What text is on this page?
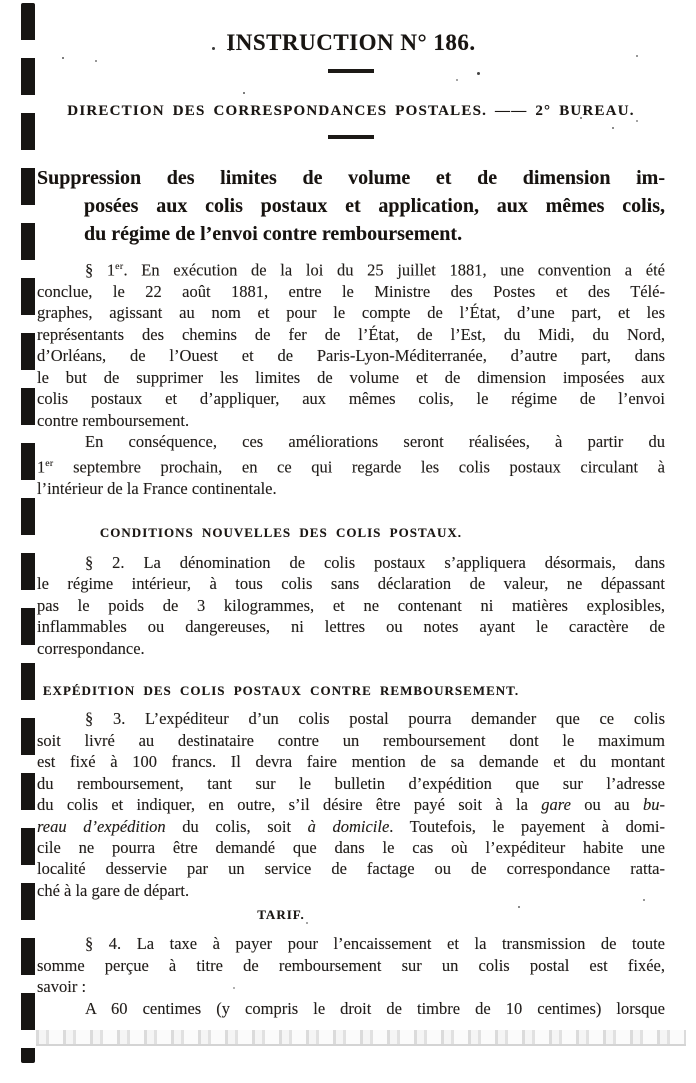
INSTRUCTION N° 186.
DIRECTION DES CORRESPONDANCES POSTALES. —— 2° BUREAU.
Suppression des limites de volume et de dimension im-
posées aux colis postaux et application, aux mêmes colis,
du régime de l’envoi contre remboursement.
§ 1er. En exécution de la loi du 25 juillet 1881, une convention a été
conclue, le 22 août 1881, entre le Ministre des Postes et des Télé-
graphes, agissant au nom et pour le compte de l’État, d’une part, et les
représentants des chemins de fer de l’État, de l’Est, du Midi, du Nord,
d’Orléans, de l’Ouest et de Paris-Lyon-Méditerranée, d’autre part, dans
le but de supprimer les limites de volume et de dimension imposées aux
colis postaux et d’appliquer, aux mêmes colis, le régime de l’envoi
contre remboursement.
En conséquence, ces améliorations seront réalisées, à partir du
1er septembre prochain, en ce qui regarde les colis postaux circulant à
l’intérieur de la France continentale.
CONDITIONS NOUVELLES DES COLIS POSTAUX.
§ 2. La dénomination de colis postaux s’appliquera désormais, dans
le régime intérieur, à tous colis sans déclaration de valeur, ne dépassant
pas le poids de 3 kilogrammes, et ne contenant ni matières explosibles,
inflammables ou dangereuses, ni lettres ou notes ayant le caractère de
correspondance.
EXPÉDITION DES COLIS POSTAUX CONTRE REMBOURSEMENT.
§ 3. L’expéditeur d’un colis postal pourra demander que ce colis
soit livré au destinataire contre un remboursement dont le maximum
est fixé à 100 francs. Il devra faire mention de sa demande et du montant
du remboursement, tant sur le bulletin d’expédition que sur l’adresse
du colis et indiquer, en outre, s’il désire être payé soit à la gare ou au bu-
reau d’expédition du colis, soit à domicile. Toutefois, le payement à domi-
cile ne pourra être demandé que dans le cas où l’expéditeur habite une
localité desservie par un service de factage ou de correspondance ratta-
ché à la gare de départ.
TARIF.
§ 4. La taxe à payer pour l’encaissement et la transmission de toute
somme perçue à titre de remboursement sur un colis postal est fixée,
savoir :
A 60 centimes (y compris le droit de timbre de 10 centimes) lorsque
